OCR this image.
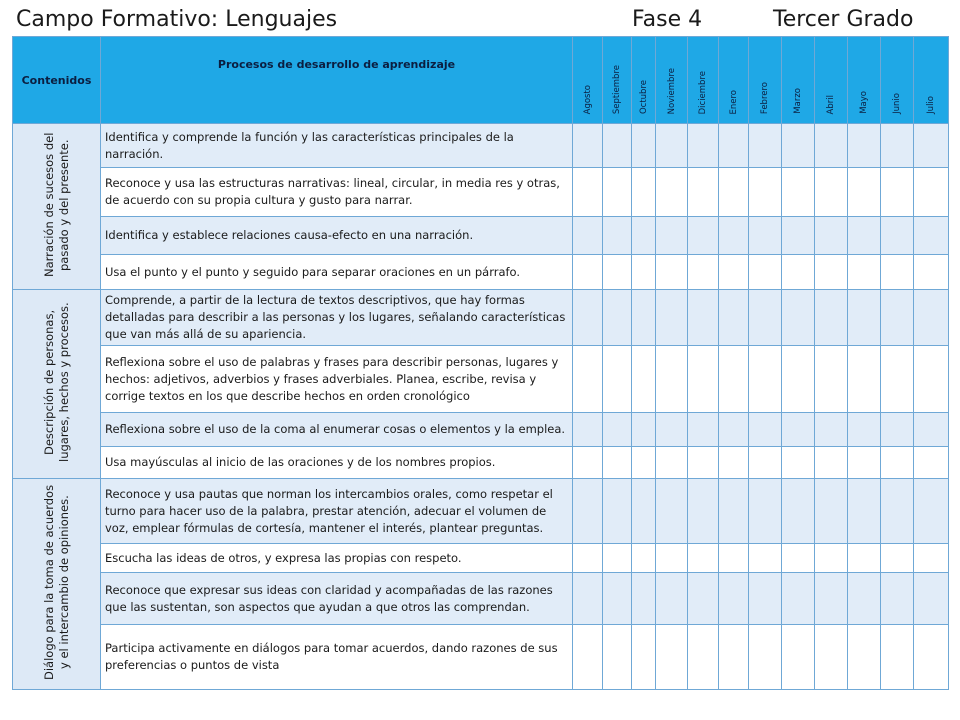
Campo Formativo: Lenguajes	Fase 4	Tercer Grado
Contenidos	Procesos de desarrollo de aprendizaje	Agosto	Septiembre	Octubre	Noviembre	Diciembre	Enero	Febrero	Marzo	Abril	Mayo	Junio	Julio
Narración de sucesos del pasado y del presente.	Identifica y comprende la función y las características principales de la narración.												
	Reconoce y usa las estructuras narrativas: lineal, circular, in media res y otras, de acuerdo con su propia cultura y gusto para narrar.												
	Identifica y establece relaciones causa-efecto en una narración.												
	Usa el punto y el punto y seguido para separar oraciones en un párrafo.												
Descripción de personas, lugares, hechos y procesos.	Comprende, a partir de la lectura de textos descriptivos, que hay formas detalladas para describir a las personas y los lugares, señalando características que van más allá de su apariencia.												
	Reflexiona sobre el uso de palabras y frases para describir personas, lugares y hechos: adjetivos, adverbios y frases adverbiales. Planea, escribe, revisa y corrige textos en los que describe hechos en orden cronológico												
	Reflexiona sobre el uso de la coma al enumerar cosas o elementos y la emplea.												
	Usa mayúsculas al inicio de las oraciones y de los nombres propios.												
Diálogo para la toma de acuerdos y el intercambio de opiniones.	Reconoce y usa pautas que norman los intercambios orales, como respetar el turno para hacer uso de la palabra, prestar atención, adecuar el volumen de voz, emplear fórmulas de cortesía, mantener el interés, plantear preguntas.												
	Escucha las ideas de otros, y expresa las propias con respeto.												
	Reconoce que expresar sus ideas con claridad y acompañadas de las razones que las sustentan, son aspectos que ayudan a que otros las comprendan.												
	Participa activamente en diálogos para tomar acuerdos, dando razones de sus preferencias o puntos de vista												
